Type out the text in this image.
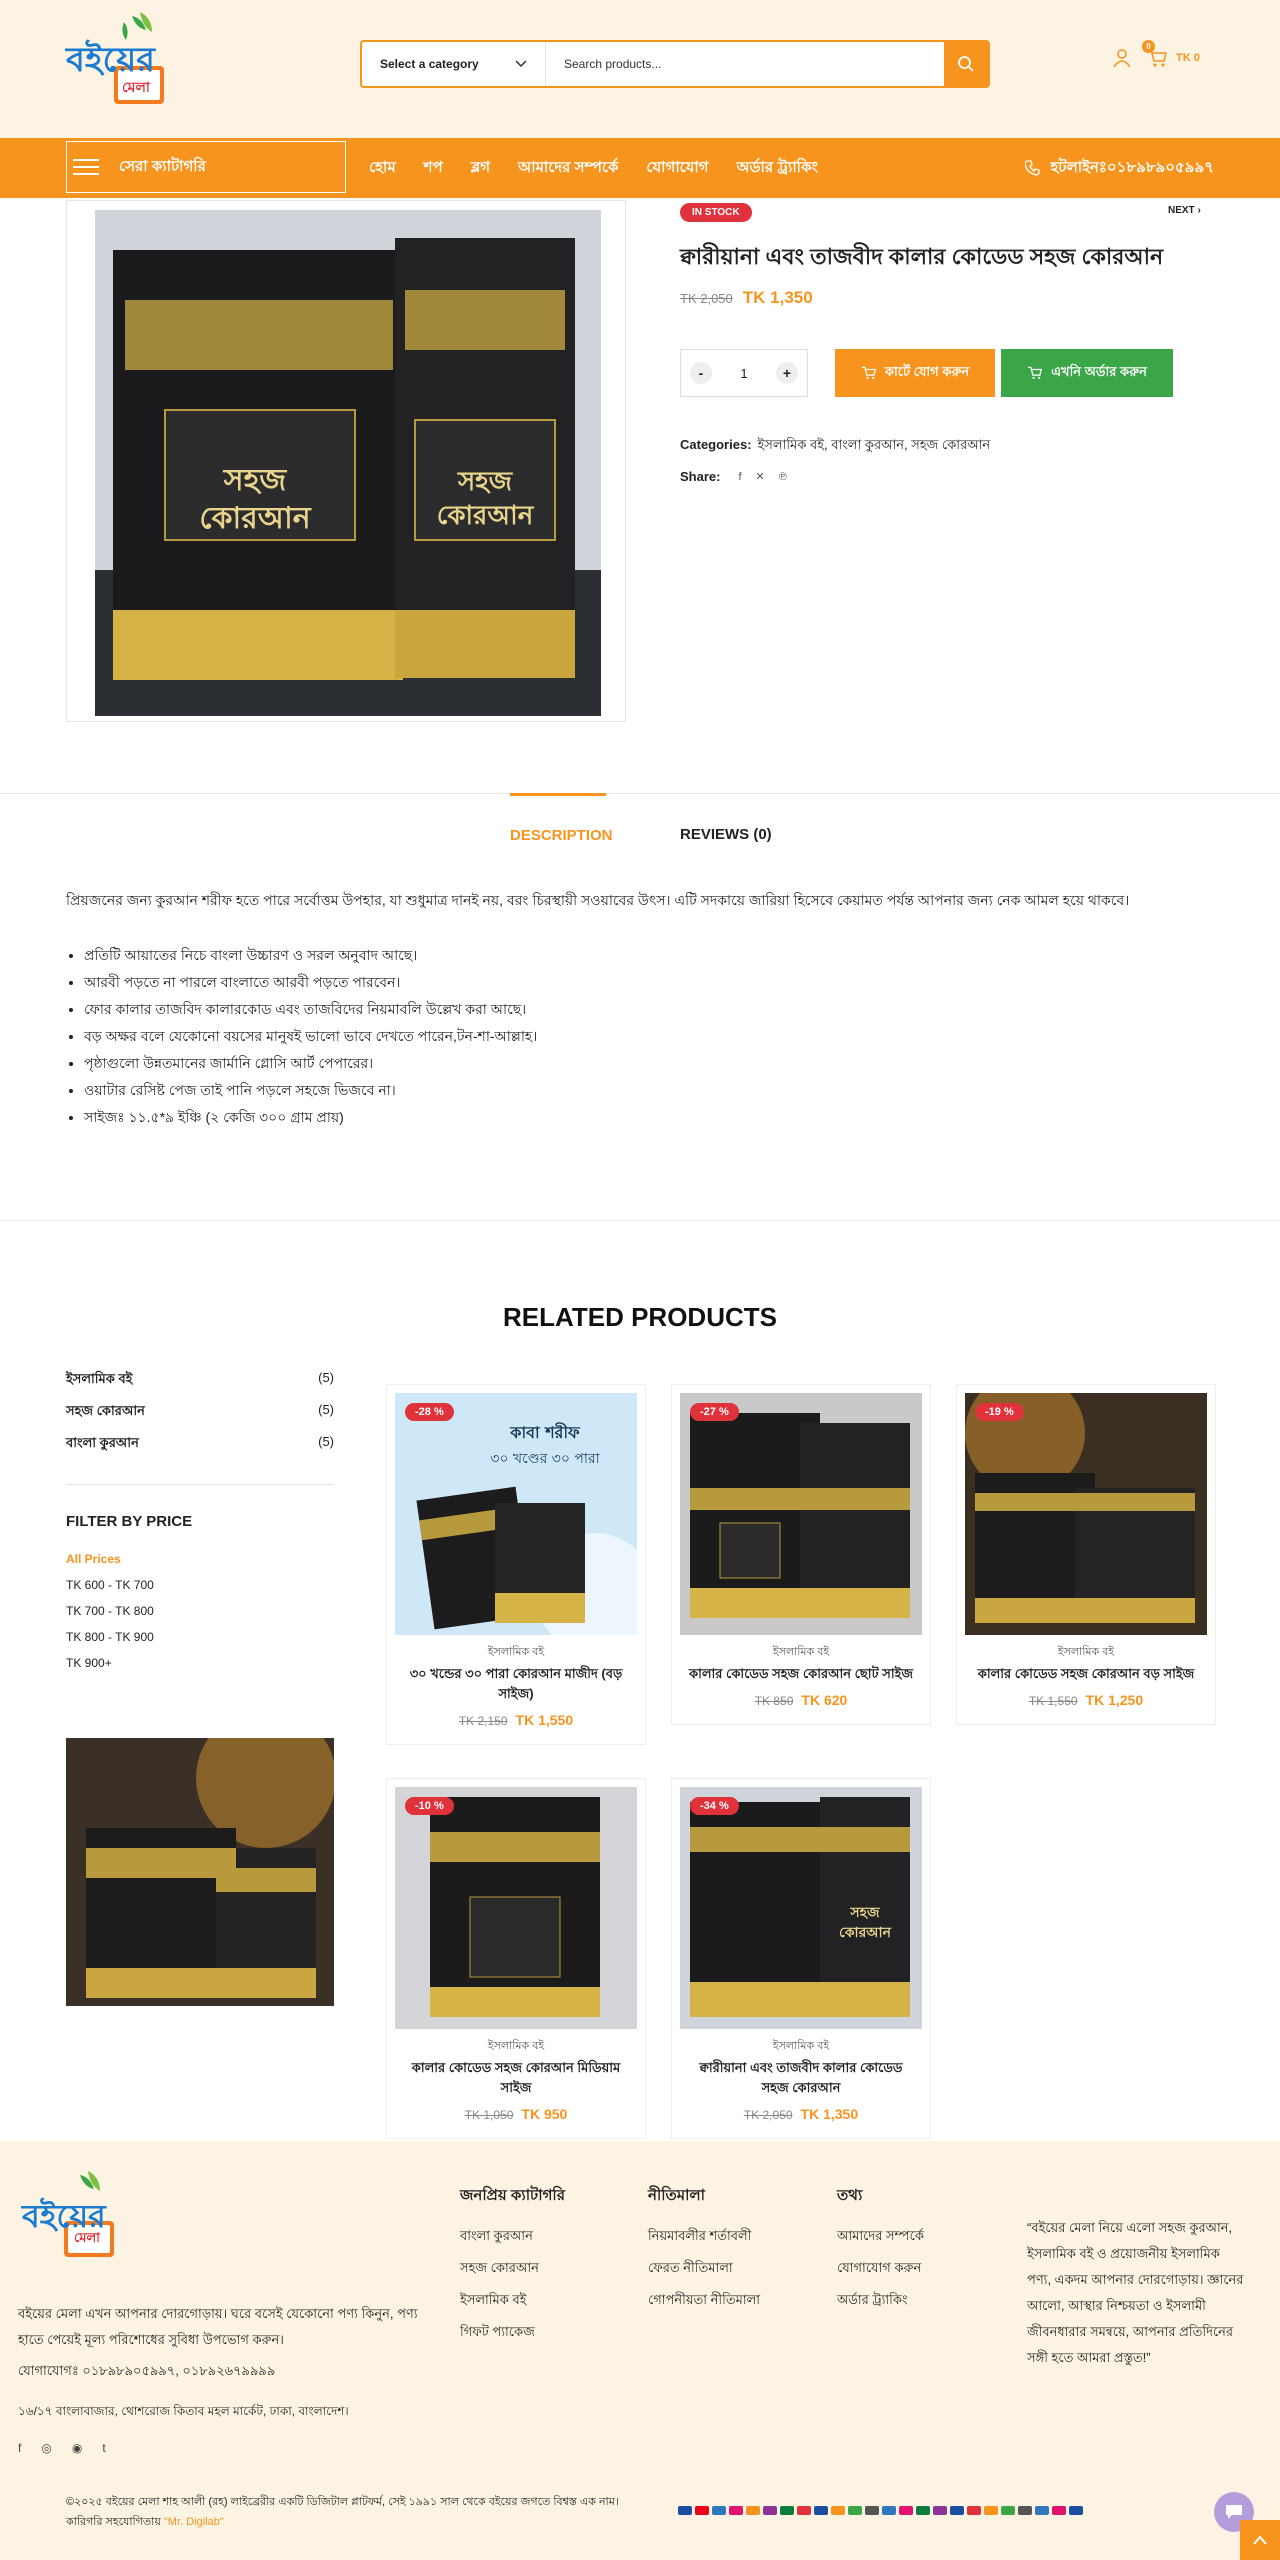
বইয়ের
মেলা
Select a category	Search products...
0
TK 0
সেরা ক্যাটাগরি	হোম	শপ	ব্লগ	আমাদের সম্পর্কে	যোগাযোগ	অর্ডার ট্র্যাকিং	হটলাইনঃ০১৮৯৮৯০৫৯৯৭
সহজ
কোরআন
সহজ
কোরআন
IN STOCK	NEXT ›
ক্বারীয়ানা এবং তাজবীদ কালার কোডেড সহজ কোরআন
TK 2,050 TK 1,350
-	1	+	কার্টে যোগ করুন	এখনি অর্ডার করুন
Categories: ইসলামিক বই, বাংলা কুরআন, সহজ কোরআন
Share: f ✕ ℗
DESCRIPTION	REVIEWS (0)

প্রিয়জনের জন্য কুরআন শরীফ হতে পারে সর্বোত্তম উপহার, যা শুধুমাত্র দানই নয়, বরং চিরস্থায়ী সওয়াবের উৎস। এটি সদকায়ে জারিয়া হিসেবে কেয়ামত পর্যন্ত আপনার জন্য নেক আমল হয়ে থাকবে।

• প্রতিটি আয়াতের নিচে বাংলা উচ্চারণ ও সরল অনুবাদ আছে।
• আরবী পড়তে না পারলে বাংলাতে আরবী পড়তে পারবেন।
• ফোর কালার তাজবিদ কালারকোড এবং তাজবিদের নিয়মাবলি উল্লেখ করা আছে।
• বড় অক্ষর বলে যেকোনো বয়সের মানুষই ভালো ভাবে দেখতে পারেন,টন-শা-আল্লাহ।
• পৃষ্ঠাগুলো উন্নতমানের জার্মানি গ্লোসি আর্ট পেপারের।
• ওয়াটার রেসিষ্ট পেজ তাই পানি পড়লে সহজে ভিজবে না।
• সাইজঃ ১১.৫*৯ ইঞ্চি (২ কেজি ৩০০ গ্রাম প্রায়)
RELATED PRODUCTS
ইসলামিক বই	(5)
সহজ কোরআন	(5)
বাংলা কুরআন	(5)
FILTER BY PRICE
All Prices
TK 600 - TK 700
TK 700 - TK 800
TK 800 - TK 900
TK 900+
কাবা শরীফ
৩০ খণ্ডের ৩০ পারা
-28 %
ইসলামিক বই
৩০ খন্ডের ৩০ পারা কোরআন মাজীদ (বড় সাইজ)
TK 2,150 TK 1,550
-27 %
ইসলামিক বই
কালার কোডেড সহজ কোরআন ছোট সাইজ
TK 850 TK 620
-19 %
ইসলামিক বই
কালার কোডেড সহজ কোরআন বড় সাইজ
TK 1,550 TK 1,250
-10 %
ইসলামিক বই
কালার কোডেড সহজ কোরআন মিডিয়াম সাইজ
TK 1,050 TK 950
সহজ
কোরআন
-34 %
ইসলামিক বই
ক্বারীয়ানা এবং তাজবীদ কালার কোডেড সহজ কোরআন
TK 2,050 TK 1,350
বইয়ের
মেলা

বইয়ের মেলা এখন আপনার দোরগোড়ায়। ঘরে বসেই যেকোনো পণ্য কিনুন, পণ্য হাতে পেয়েই মূল্য পরিশোধের সুবিধা উপভোগ করুন।

যোগাযোগঃ ০১৮৯৮৯০৫৯৯৭, ০১৮৯২৬৭৯৯৯৯
১৬/১৭ বাংলাবাজার, থোশরোজ কিতাব মহল মার্কেট, ঢাকা, বাংলাদেশ।
f ◎ ◉ t
জনপ্রিয় ক্যাটাগরি
বাংলা কুরআন
সহজ কোরআন
ইসলামিক বই
গিফট প্যাকেজ
নীতিমালা
নিয়মাবলীর শর্তাবলী
ফেরত নীতিমালা
গোপনীয়তা নীতিমালা
তথ্য
আমাদের সম্পর্কে
যোগাযোগ করুন
অর্ডার ট্র্যাকিং

“বইয়ের মেলা নিয়ে এলো সহজ কুরআন, ইসলামিক বই ও প্রয়োজনীয় ইসলামিক পণ্য, একদম আপনার দোরগোড়ায়। জ্ঞানের আলো, আস্থার নিশ্চয়তা ও ইসলামী জীবনধারার সমন্বয়ে, আপনার প্রতিদিনের সঙ্গী হতে আমরা প্রস্তুত!”

©২০২৫ বইয়ের মেলা শাহ আলী (রহ) লাইব্রেরীর একটি ডিজিটাল প্লাটফর্ম, সেই ১৯৯১ সাল থেকে বইয়ের জগতে বিশ্বস্ত এক নাম। কারিগরি সহযোগিতায় "Mr. Digilab"
